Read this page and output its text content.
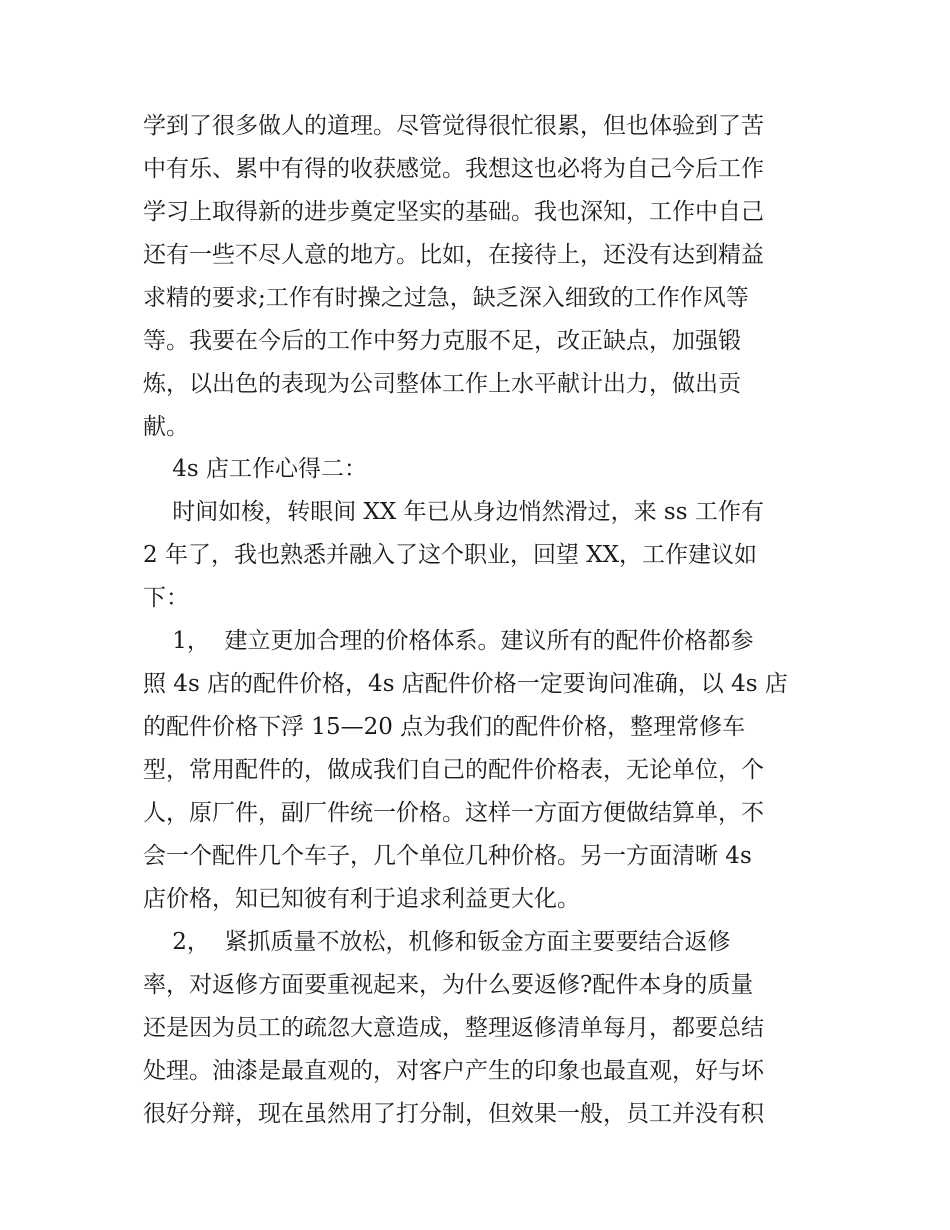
学到了很多做人的道理。尽管觉得很忙很累，但也体验到了苦
中有乐、累中有得的收获感觉。我想这也必将为自己今后工作
学习上取得新的进步奠定坚实的基础。我也深知，工作中自己
还有一些不尽人意的地方。比如，在接待上，还没有达到精益
求精的要求;工作有时操之过急，缺乏深入细致的工作作风等
等。我要在今后的工作中努力克服不足，改正缺点，加强锻
炼，以出色的表现为公司整体工作上水平献计出力，做出贡
献。
4s 店工作心得二：
时间如梭，转眼间 XX 年已从身边悄然滑过，来 ss 工作有
2 年了，我也熟悉并融入了这个职业，回望 XX，工作建议如
下：
1，  建立更加合理的价格体系。建议所有的配件价格都参
照 4s 店的配件价格，4s 店配件价格一定要询问准确，以 4s 店
的配件价格下浮 15—20 点为我们的配件价格，整理常修车
型，常用配件的，做成我们自己的配件价格表，无论单位，个
人，原厂件，副厂件统一价格。这样一方面方便做结算单，不
会一个配件几个车子，几个单位几种价格。另一方面清晰 4s
店价格，知已知彼有利于追求利益更大化。
2，  紧抓质量不放松，机修和钣金方面主要要结合返修
率，对返修方面要重视起来，为什么要返修?配件本身的质量
还是因为员工的疏忽大意造成，整理返修清单每月，都要总结
处理。油漆是最直观的，对客户产生的印象也最直观，好与坏
很好分辩，现在虽然用了打分制，但效果一般，员工并没有积
